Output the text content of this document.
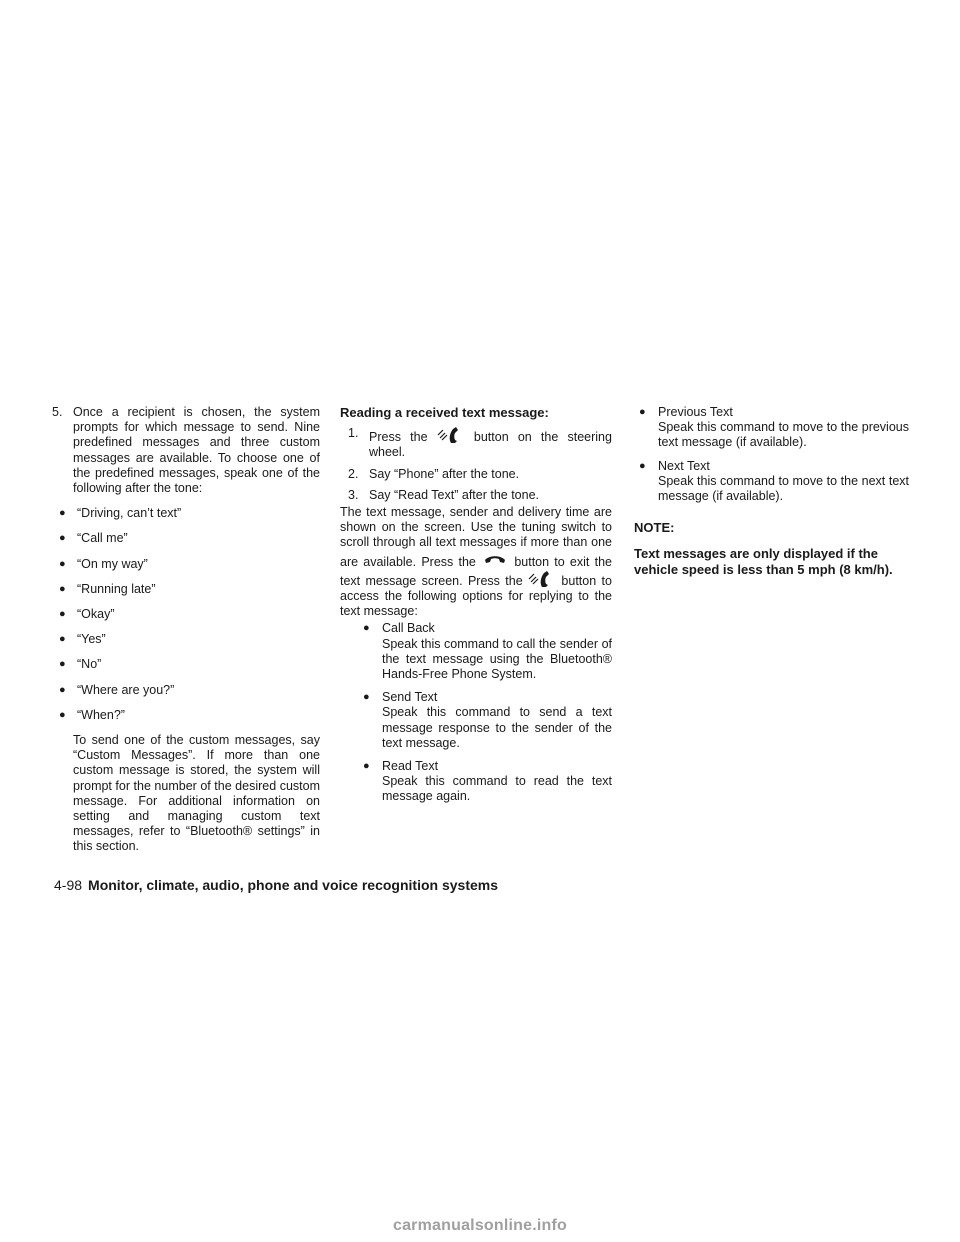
5. Once a recipient is chosen, the system prompts for which message to send. Nine predefined messages and three custom messages are available. To choose one of the predefined messages, speak one of the following after the tone:
● “Driving, can’t text”
● “Call me”
● “On my way”
● “Running late”
● “Okay”
● “Yes”
● “No”
● “Where are you?”
● “When?”

To send one of the custom messages, say “Custom Messages”. If more than one custom message is stored, the system will prompt for the number of the desired custom message. For additional information on setting and managing custom text messages, refer to “Bluetooth® settings” in this section.

Reading a received text message:

1. Press the	button on the steering wheel.
2. Say “Phone” after the tone.
3. Say “Read Text” after the tone.

The text message, sender and delivery time are shown on the screen. Use the tuning switch to scroll through all text messages if more than one are available. Press the	button to exit the text message screen. Press the	button to access the following options for replying to the text message:

● Call Back
Speak this command to call the sender of the text message using the Bluetooth® Hands-Free Phone System.
● Send Text
Speak this command to send a text message response to the sender of the text message.
● Read Text
Speak this command to read the text message again.
● Previous Text
Speak this command to move to the previous text message (if available).
● Next Text
Speak this command to move to the next text message (if available).

NOTE:

Text messages are only displayed if the vehicle speed is less than 5 mph (8 km/h).

4-98 Monitor, climate, audio, phone and voice recognition systems
carmanualsonline.info
